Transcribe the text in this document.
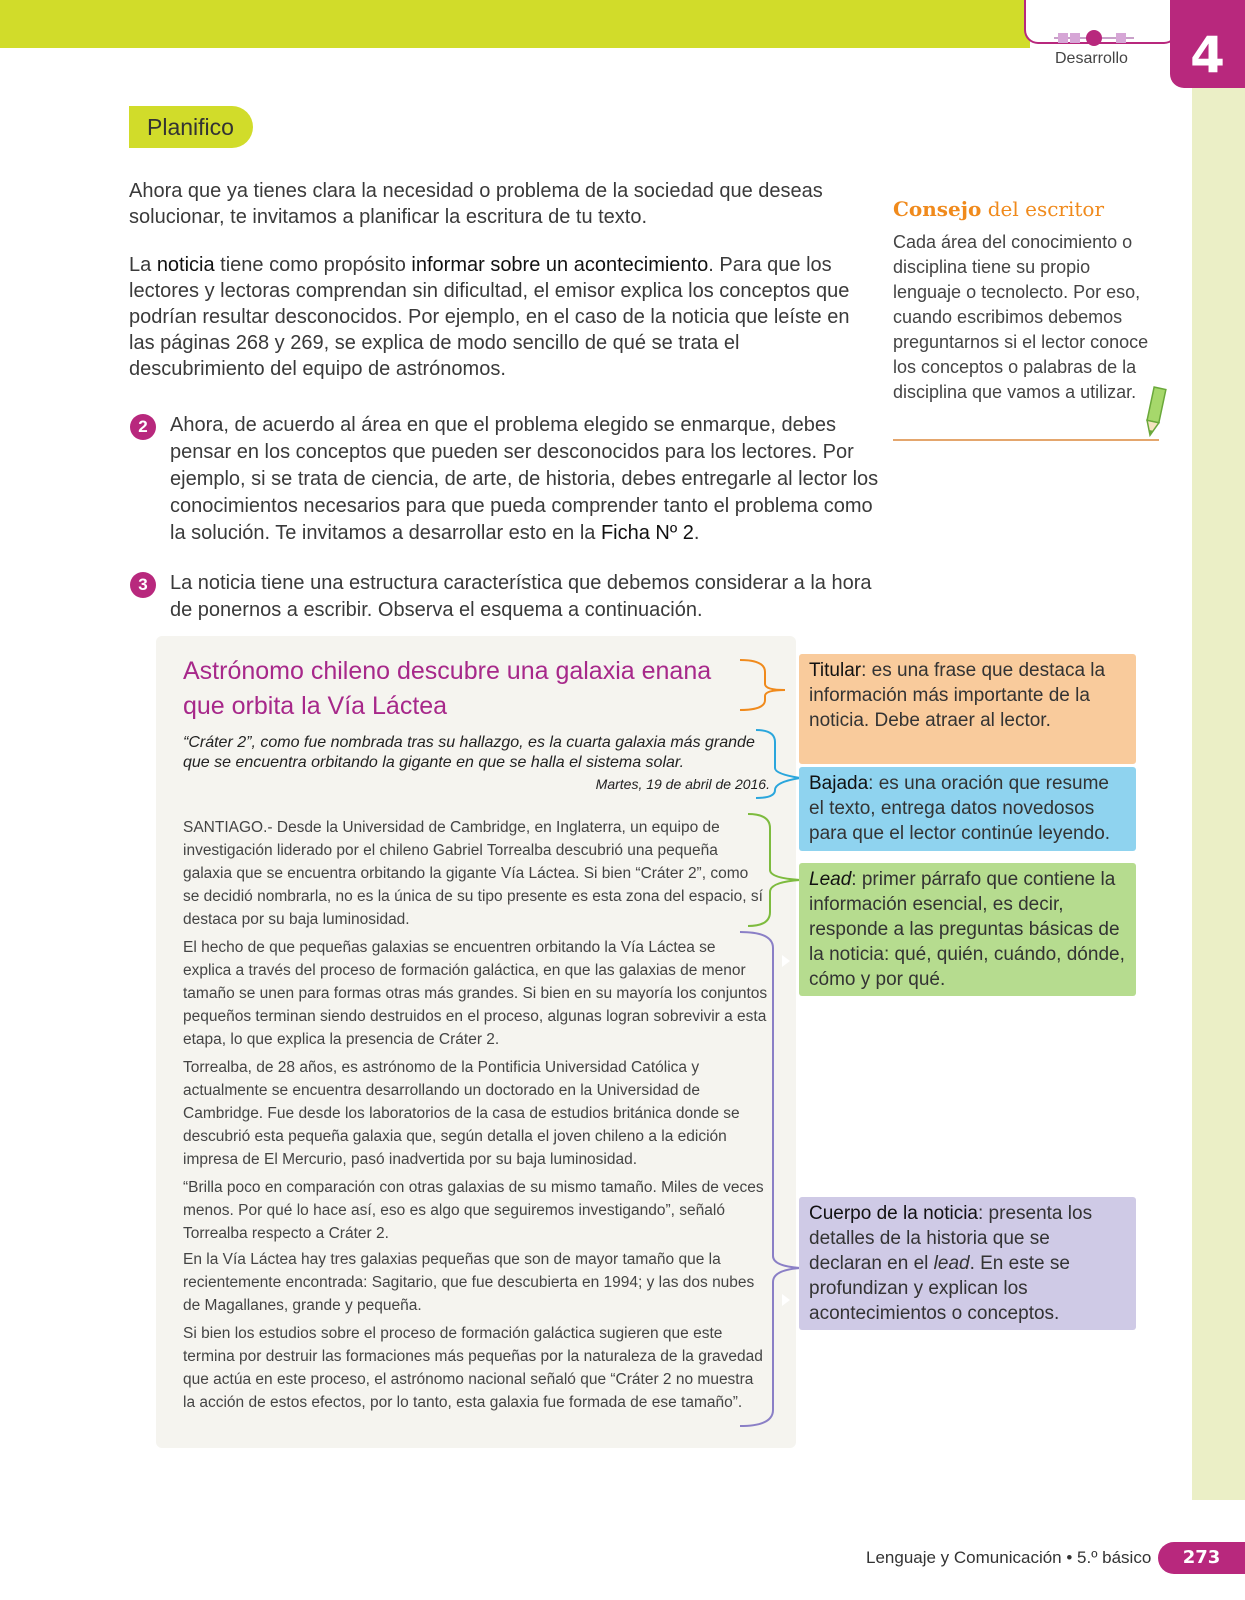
Desarrollo	4
Planifico

Ahora que ya tienes clara la necesidad o problema de la sociedad que deseas solucionar, te invitamos a planificar la escritura de tu texto.

La noticia tiene como propósito informar sobre un acontecimiento. Para que los lectores y lectoras comprendan sin dificultad, el emisor explica los conceptos que podrían resultar desconocidos. Por ejemplo, en el caso de la noticia que leíste en las páginas 268 y 269, se explica de modo sencillo de qué se trata el descubrimiento del equipo de astrónomos.

2	Ahora, de acuerdo al área en que el problema elegido se enmarque, debes pensar en los conceptos que pueden ser desconocidos para los lectores. Por ejemplo, si se trata de ciencia, de arte, de historia, debes entregarle al lector los conocimientos necesarios para que pueda comprender tanto el problema como la solución. Te invitamos a desarrollar esto en la Ficha Nº 2.
3	La noticia tiene una estructura característica que debemos considerar a la hora de ponernos a escribir. Observa el esquema a continuación.
Consejo del escritor
Cada área del conocimiento o disciplina tiene su propio lenguaje o tecnolecto. Por eso, cuando escribimos debemos preguntarnos si el lector conoce los conceptos o palabras de la disciplina que vamos a utilizar.
Astrónomo chileno descubre una galaxia enana que orbita la Vía Láctea
“Cráter 2”, como fue nombrada tras su hallazgo, es la cuarta galaxia más grande que se encuentra orbitando la gigante en que se halla el sistema solar.
Martes, 19 de abril de 2016.

SANTIAGO.- Desde la Universidad de Cambridge, en Inglaterra, un equipo de investigación liderado por el chileno Gabriel Torrealba descubrió una pequeña galaxia que se encuentra orbitando la gigante Vía Láctea. Si bien “Cráter 2”, como se decidió nombrarla, no es la única de su tipo presente es esta zona del espacio, sí destaca por su baja luminosidad.

El hecho de que pequeñas galaxias se encuentren orbitando la Vía Láctea se explica a través del proceso de formación galáctica, en que las galaxias de menor tamaño se unen para formas otras más grandes. Si bien en su mayoría los conjuntos pequeños terminan siendo destruidos en el proceso, algunas logran sobrevivir a esta etapa, lo que explica la presencia de Cráter 2.

Torrealba, de 28 años, es astrónomo de la Pontificia Universidad Católica y actualmente se encuentra desarrollando un doctorado en la Universidad de Cambridge. Fue desde los laboratorios de la casa de estudios británica donde se descubrió esta pequeña galaxia que, según detalla el joven chileno a la edición impresa de El Mercurio, pasó inadvertida por su baja luminosidad.

“Brilla poco en comparación con otras galaxias de su mismo tamaño. Miles de veces menos. Por qué lo hace así, eso es algo que seguiremos investigando”, señaló Torrealba respecto a Cráter 2.

En la Vía Láctea hay tres galaxias pequeñas que son de mayor tamaño que la recientemente encontrada: Sagitario, que fue descubierta en 1994; y las dos nubes de Magallanes, grande y pequeña.

Si bien los estudios sobre el proceso de formación galáctica sugieren que este termina por destruir las formaciones más pequeñas por la naturaleza de la gravedad que actúa en este proceso, el astrónomo nacional señaló que “Cráter 2 no muestra la acción de estos efectos, por lo tanto, esta galaxia fue formada de ese tamaño”.

Titular: es una frase que destaca la información más importante de la noticia. Debe atraer al lector.
Bajada: es una oración que resume el texto, entrega datos novedosos para que el lector continúe leyendo.
Lead: primer párrafo que contiene la información esencial, es decir, responde a las preguntas básicas de la noticia: qué, quién, cuándo, dónde, cómo y por qué.
Cuerpo de la noticia: presenta los detalles de la historia que se declaran en el lead. En este se profundizan y explican los acontecimientos o conceptos.
Lenguaje y Comunicación • 5.º básico	273
